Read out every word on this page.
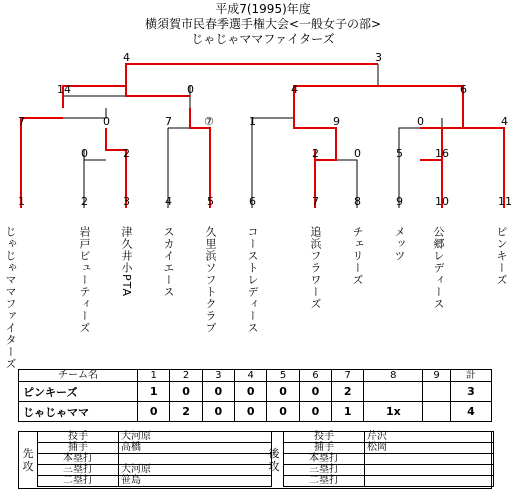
平成7(1995)年度
横須賀市民春季選手権大会<一般女子の部>
じゃじゃママファイターズ
4	3
14	0	4	6
7	0	7	⑦	1	9	0	4
0	2	2	0	5	16
1	2	3	4	5	6	7	8	9	10	11
じゃじゃママファイターズ	岩戸ビューティーズ	津久井小PTA	スカイエース	久里浜ソフトクラブ	コーストレディース	追浜フラワーズ	チェリーズ	メッツ 公郷レディース	ピンキーズ
チーム名	1	2	3	4	5	6	7	8	9	計
ピンキーズ	1	0	0	0	0	0	2			3
じゃじゃママ	0	2	0	0	0	0	1	1x		4
先攻
投手	大河原
捕手	高橋
本塁打	
三塁打	大河原
二塁打	笹島
後攻
投手	芹沢
捕手	松岡
本塁打	
三塁打	
二塁打	
